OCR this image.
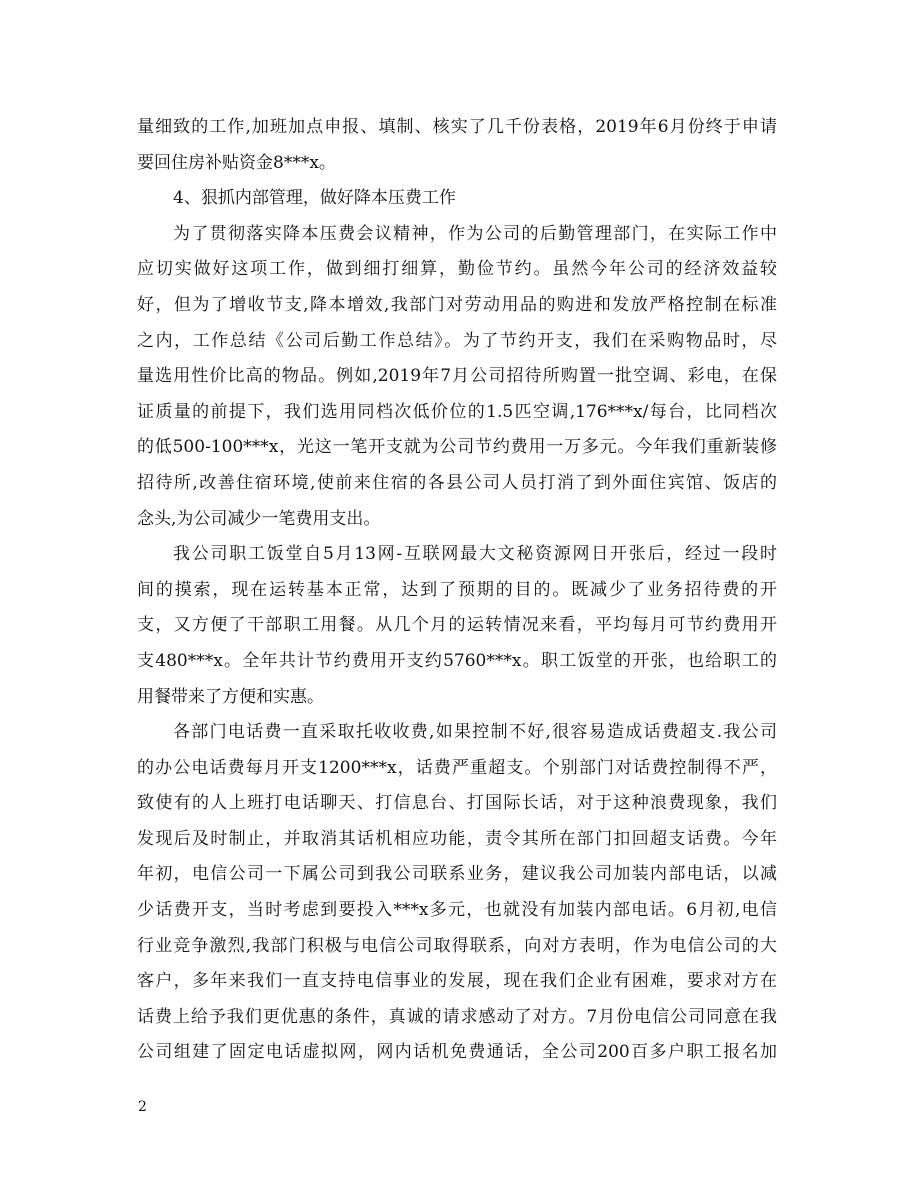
量细致的工作,加班加点申报、填制、核实了几千份表格，2019年6月份终于申请
要回住房补贴资金8***x。
4、狠抓内部管理，做好降本压费工作
为了贯彻落实降本压费会议精神，作为公司的后勤管理部门，在实际工作中
应切实做好这项工作，做到细打细算，勤俭节约。虽然今年公司的经济效益较
好，但为了增收节支,降本增效,我部门对劳动用品的购进和发放严格控制在标准
之内，工作总结《公司后勤工作总结》。为了节约开支，我们在采购物品时，尽
量选用性价比高的物品。例如,2019年7月公司招待所购置一批空调、彩电，在保
证质量的前提下，我们选用同档次低价位的1.5匹空调,176***x/每台，比同档次
的低500-100***x，光这一笔开支就为公司节约费用一万多元。今年我们重新装修
招待所,改善住宿环境,使前来住宿的各县公司人员打消了到外面住宾馆、饭店的
念头,为公司减少一笔费用支出。
我公司职工饭堂自5月13网-互联网最大文秘资源网日开张后，经过一段时
间的摸索，现在运转基本正常，达到了预期的目的。既减少了业务招待费的开
支，又方便了干部职工用餐。从几个月的运转情况来看，平均每月可节约费用开
支480***x。全年共计节约费用开支约5760***x。职工饭堂的开张，也给职工的
用餐带来了方便和实惠。
各部门电话费一直采取托收收费,如果控制不好,很容易造成话费超支.我公司
的办公电话费每月开支1200***x，话费严重超支。个别部门对话费控制得不严，
致使有的人上班打电话聊天、打信息台、打国际长话，对于这种浪费现象，我们
发现后及时制止，并取消其话机相应功能，责令其所在部门扣回超支话费。今年
年初，电信公司一下属公司到我公司联系业务，建议我公司加装内部电话，以减
少话费开支，当时考虑到要投入***x多元，也就没有加装内部电话。6月初,电信
行业竞争激烈,我部门积极与电信公司取得联系，向对方表明，作为电信公司的大
客户，多年来我们一直支持电信事业的发展，现在我们企业有困难，要求对方在
话费上给予我们更优惠的条件，真诚的请求感动了对方。7月份电信公司同意在我
公司组建了固定电话虚拟网，网内话机免费通话，全公司200百多户职工报名加
2
